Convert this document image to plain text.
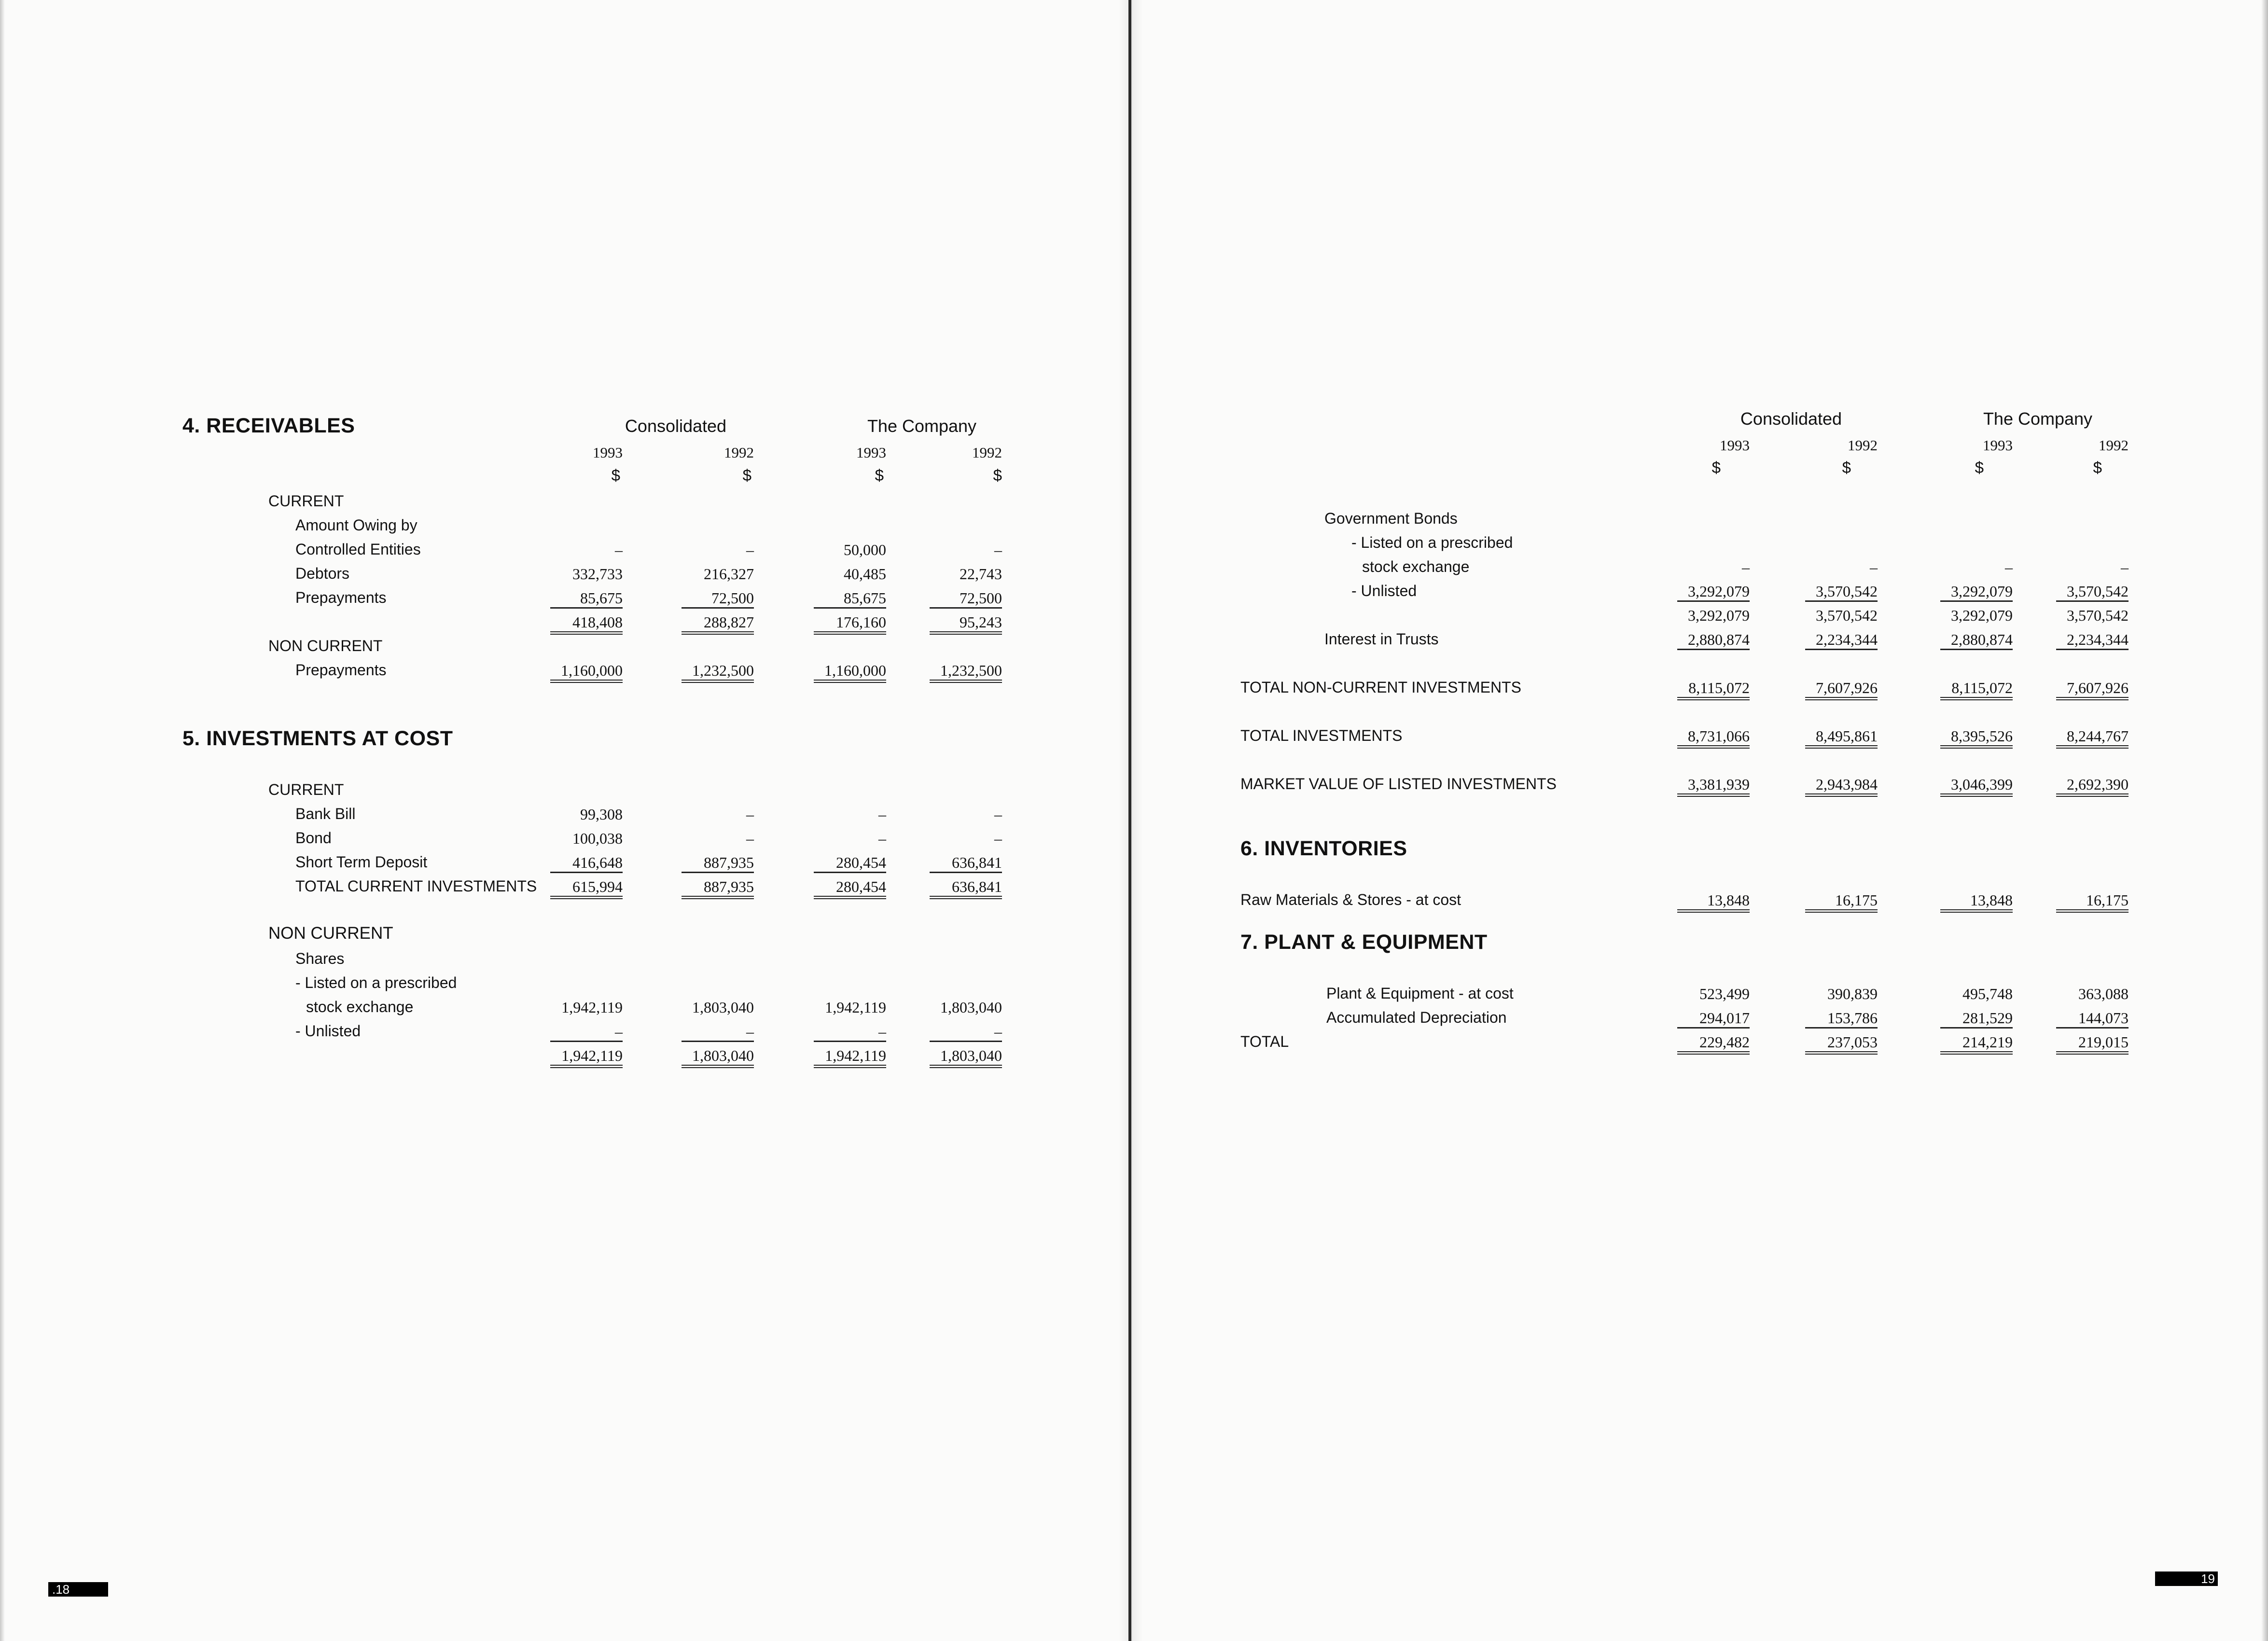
4. RECEIVABLES	Consolidated	The Company
1993	1992	1993	1992
$	$	$	$
CURRENT
Amount Owing by
Controlled Entities	–	–	50,000	–
Debtors	332,733	216,327	40,485	22,743
Prepayments	85,675	72,500	85,675	72,500
418,408	288,827	176,160	95,243
NON CURRENT
Prepayments	1,160,000	1,232,500	1,160,000	1,232,500
5. INVESTMENTS AT COST
CURRENT
Bank Bill	99,308	–	–	–
Bond	100,038	–	–	–
Short Term Deposit	416,648	887,935	280,454	636,841
TOTAL CURRENT INVESTMENTS	615,994	887,935	280,454	636,841
NON CURRENT
Shares
- Listed on a prescribed
stock exchange	1,942,119	1,803,040	1,942,119	1,803,040
- Unlisted	–	–	–	–
1,942,119	1,803,040	1,942,119	1,803,040
.18
Consolidated	The Company
1993	1992	1993	1992
$	$	$	$
Government Bonds
- Listed on a prescribed
stock exchange	–	–	–	–
- Unlisted	3,292,079	3,570,542	3,292,079	3,570,542
3,292,079	3,570,542	3,292,079	3,570,542
Interest in Trusts	2,880,874	2,234,344	2,880,874	2,234,344
TOTAL NON-CURRENT INVESTMENTS	8,115,072	7,607,926	8,115,072	7,607,926
TOTAL INVESTMENTS	8,731,066	8,495,861	8,395,526	8,244,767
MARKET VALUE OF LISTED INVESTMENTS	3,381,939	2,943,984	3,046,399	2,692,390
6. INVENTORIES
Raw Materials & Stores - at cost	13,848	16,175	13,848	16,175
7. PLANT & EQUIPMENT
Plant & Equipment - at cost	523,499	390,839	495,748	363,088
Accumulated Depreciation	294,017	153,786	281,529	144,073
TOTAL	229,482	237,053	214,219	219,015
19
